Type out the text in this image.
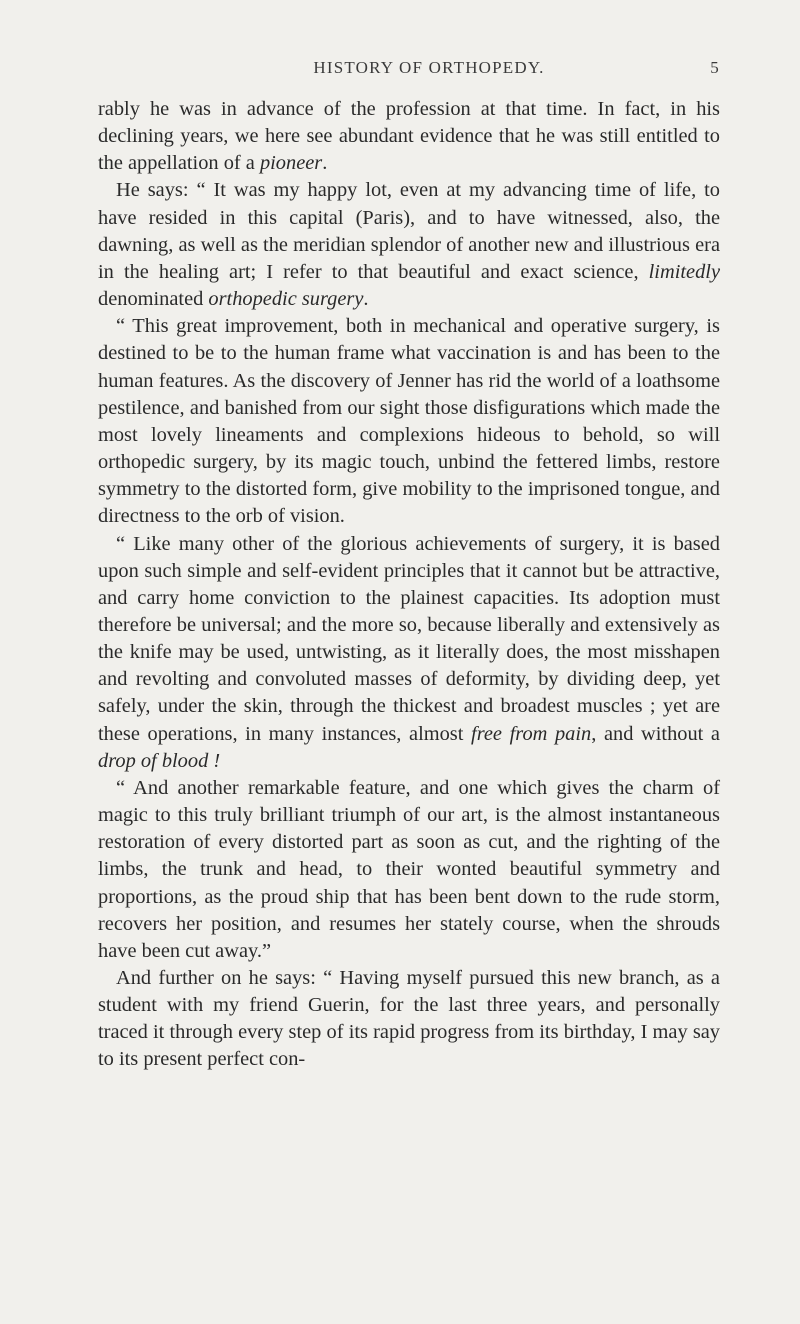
HISTORY OF ORTHOPEDY.	5

rably he was in advance of the profession at that time. In fact, in his declining years, we here see abundant evidence that he was still entitled to the appellation of a pioneer.

He says: “ It was my happy lot, even at my advancing time of life, to have resided in this capital (Paris), and to have witnessed, also, the dawning, as well as the meridian splendor of another new and illustrious era in the healing art; I refer to that beautiful and exact science, limitedly denominated orthopedic surgery.

“ This great improvement, both in mechanical and operative surgery, is destined to be to the human frame what vaccination is and has been to the human features. As the discovery of Jenner has rid the world of a loathsome pestilence, and banished from our sight those disfigurations which made the most lovely lineaments and complexions hideous to behold, so will orthopedic surgery, by its magic touch, unbind the fettered limbs, restore symmetry to the distorted form, give mobility to the imprisoned tongue, and directness to the orb of vision.

“ Like many other of the glorious achievements of surgery, it is based upon such simple and self-evident principles that it cannot but be attractive, and carry home conviction to the plainest capacities. Its adoption must therefore be universal; and the more so, because liberally and extensively as the knife may be used, untwisting, as it literally does, the most misshapen and revolting and convoluted masses of deformity, by dividing deep, yet safely, under the skin, through the thickest and broadest muscles ; yet are these operations, in many instances, almost free from pain, and without a drop of blood !

“ And another remarkable feature, and one which gives the charm of magic to this truly brilliant triumph of our art, is the almost instantaneous restoration of every distorted part as soon as cut, and the righting of the limbs, the trunk and head, to their wonted beautiful symmetry and proportions, as the proud ship that has been bent down to the rude storm, recovers her position, and resumes her stately course, when the shrouds have been cut away.”

And further on he says: “ Having myself pursued this new branch, as a student with my friend Guerin, for the last three years, and personally traced it through every step of its rapid progress from its birthday, I may say to its present perfect con-
